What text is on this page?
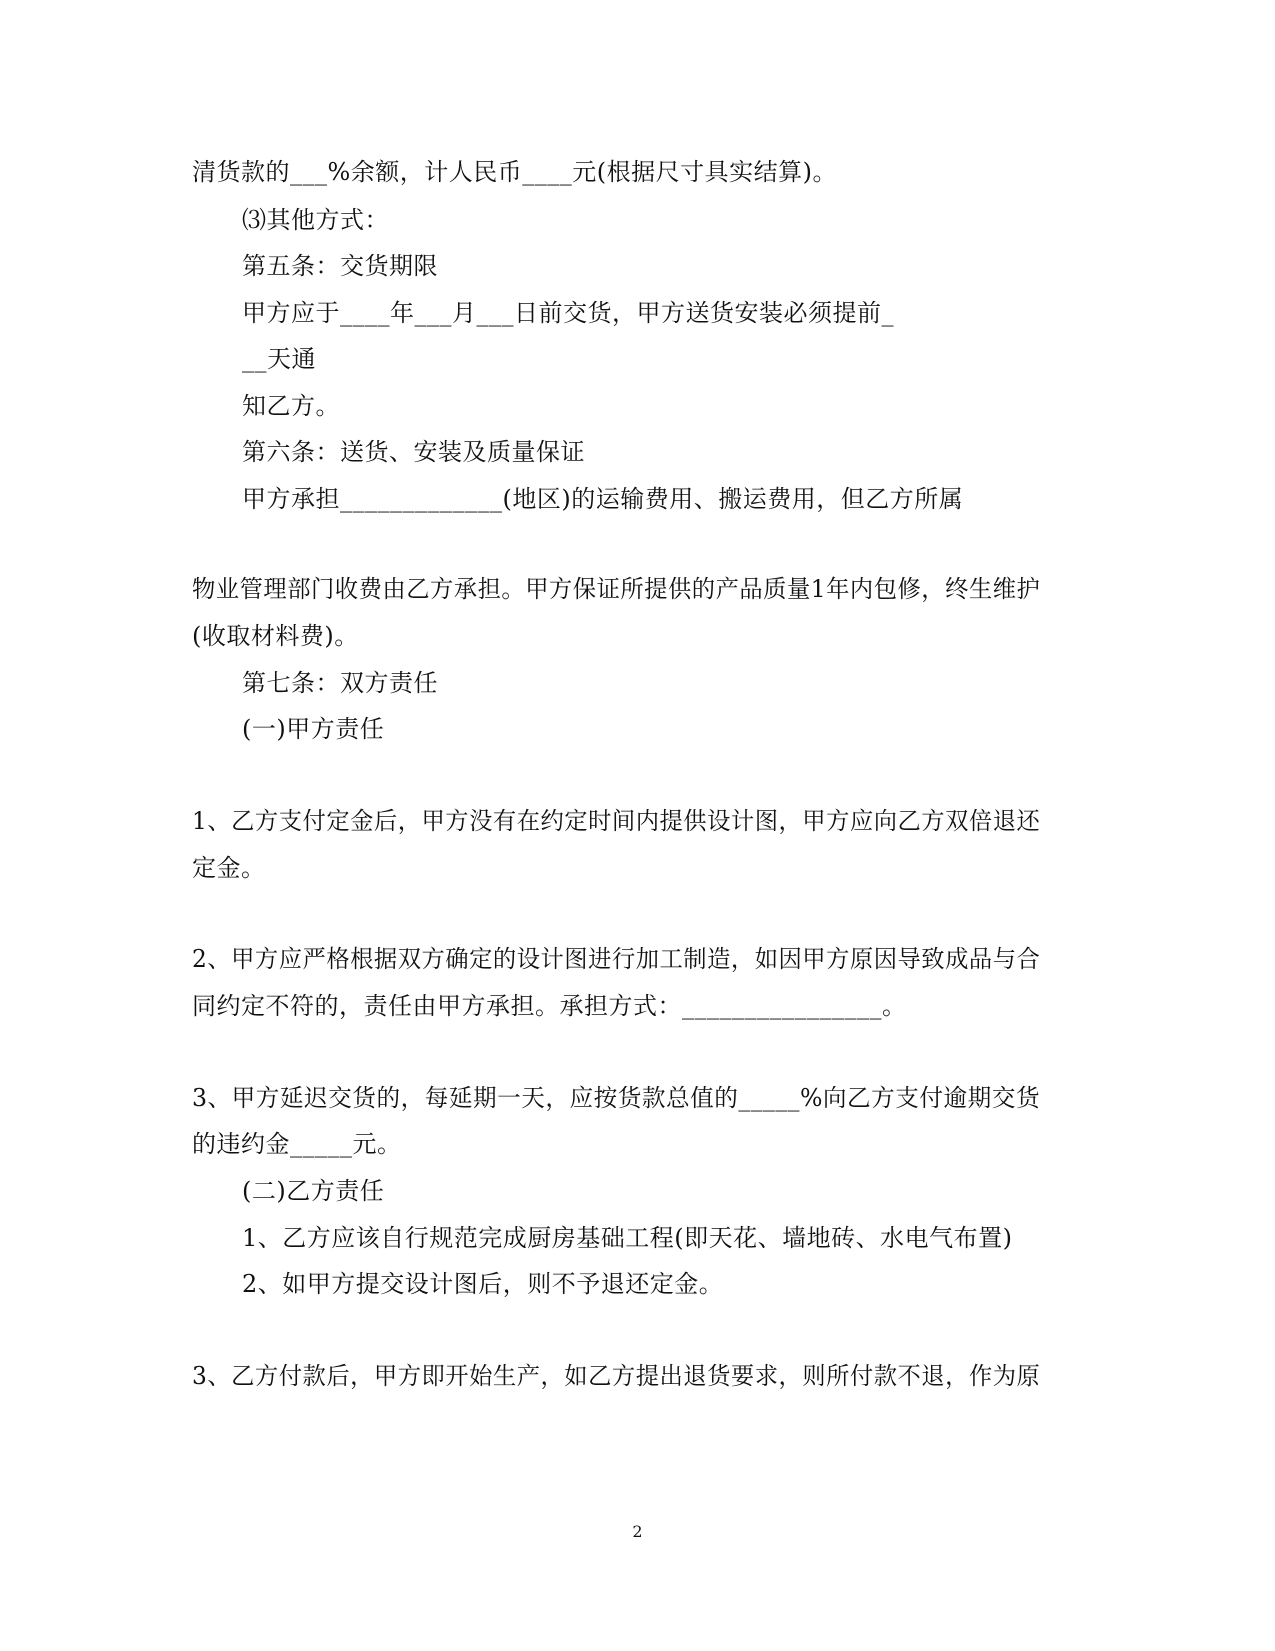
清货款的___%余额，计人民币____元(根据尺寸具实结算)。
⑶其他方式：
第五条：交货期限
甲方应于____年___月___日前交货，甲方送货安装必须提前_
__天通
知乙方。
第六条：送货、安装及质量保证
甲方承担_____________(地区)的运输费用、搬运费用，但乙方所属
物业管理部门收费由乙方承担。甲方保证所提供的产品质量1年内包修，终生维护
(收取材料费)。
第七条：双方责任
(一)甲方责任
1、乙方支付定金后，甲方没有在约定时间内提供设计图，甲方应向乙方双倍退还
定金。
2、甲方应严格根据双方确定的设计图进行加工制造，如因甲方原因导致成品与合
同约定不符的，责任由甲方承担。承担方式：________________。
3、甲方延迟交货的，每延期一天，应按货款总值的_____%向乙方支付逾期交货
的违约金_____元。
(二)乙方责任
1、乙方应该自行规范完成厨房基础工程(即天花、墙地砖、水电气布置)
2、如甲方提交设计图后，则不予退还定金。
3、乙方付款后，甲方即开始生产，如乙方提出退货要求，则所付款不退，作为原
2
